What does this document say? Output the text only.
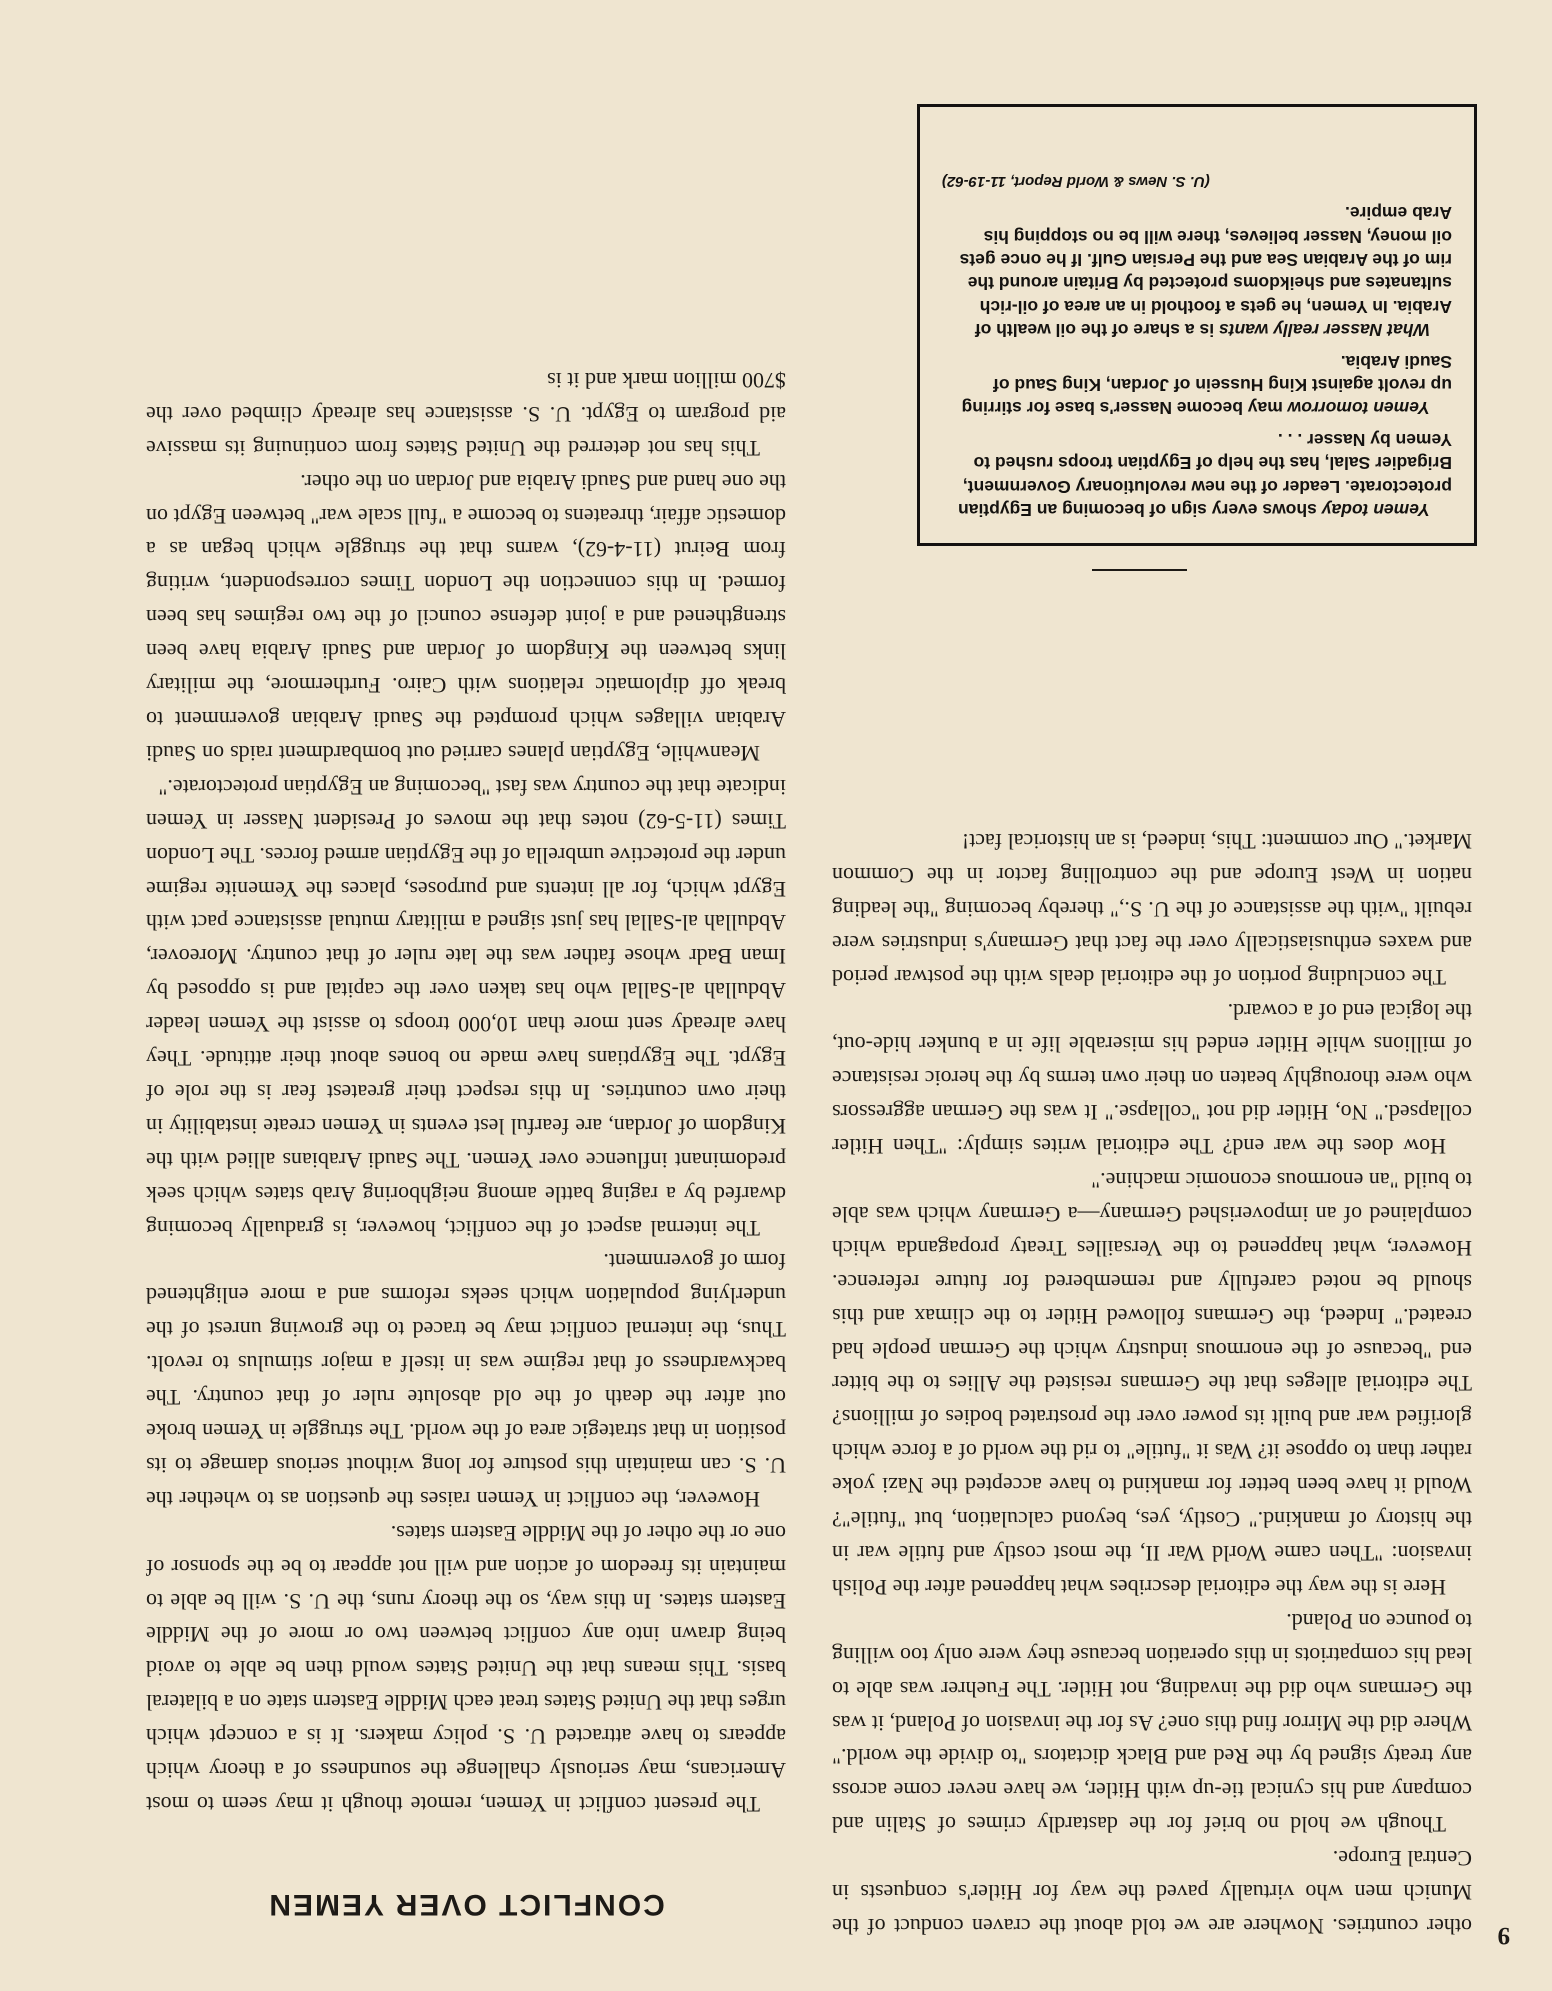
9

other countries. Nowhere are we told about the craven conduct of the Munich men who virtually paved the way for Hitler's conquests in Central Europe.

Though we hold no brief for the dastardly crimes of Stalin and company and his cynical tie-up with Hitler, we have never come across any treaty signed by the Red and Black dictators "to divide the world." Where did the Mirror find this one? As for the invasion of Poland, it was the Germans who did the invading, not Hitler. The Fuehrer was able to lead his compatriots in this operation because they were only too willing to pounce on Poland.

Here is the way the editorial describes what happened after the Polish invasion: "Then came World War II, the most costly and futile war in the history of mankind." Costly, yes, beyond calculation, but "futile"? Would it have been better for mankind to have accepted the Nazi yoke rather than to oppose it? Was it "futile" to rid the world of a force which glorified war and built its power over the prostrated bodies of millions? The editorial alleges that the Germans resisted the Allies to the bitter end "because of the enormous industry which the German people had created." Indeed, the Germans followed Hitler to the climax and this should be noted carefully and remembered for future reference. However, what happened to the Versailles Treaty propaganda which complained of an impoverished Germany—a Germany which was able to build "an enormous economic machine."

How does the war end? The editorial writes simply: "Then Hitler collapsed." No, Hitler did not "collapse." It was the German aggressors who were thoroughly beaten on their own terms by the heroic resistance of millions while Hitler ended his miserable life in a bunker hide-out, the logical end of a coward.

The concluding portion of the editorial deals with the postwar period and waxes enthusiastically over the fact that Germany's industries were rebuilt "with the assistance of the U. S.," thereby becoming "the leading nation in West Europe and the controlling factor in the Common Market." Our comment: This, indeed, is an historical fact!

Yemen today shows every sign of becoming an Egyptian protectorate. Leader of the new revolutionary Government, Brigadier Salal, has the help of Egyptian troops rushed to Yemen by Nasser . . .

Yemen tomorrow may become Nasser's base for stirring up revolt against King Hussein of Jordan, King Saud of Saudi Arabia.

What Nasser really wants is a share of the oil wealth of Arabia. In Yemen, he gets a foothold in an area of oil-rich sultanates and sheikdoms protected by Britain around the rim of the Arabian Sea and the Persian Gulf. If he once gets oil money, Nasser believes, there will be no stopping his Arab empire.

(U. S. News & World Report, 11-19-62)

CONFLICT OVER YEMEN

The present conflict in Yemen, remote though it may seem to most Americans, may seriously challenge the soundness of a theory which appears to have attracted U. S. policy makers. It is a concept which urges that the United States treat each Middle Eastern state on a bilateral basis. This means that the United States would then be able to avoid being drawn into any conflict between two or more of the Middle Eastern states. In this way, so the theory runs, the U. S. will be able to maintain its freedom of action and will not appear to be the sponsor of one or the other of the Middle Eastern states.

However, the conflict in Yemen raises the question as to whether the U. S. can maintain this posture for long without serious damage to its position in that strategic area of the world. The struggle in Yemen broke out after the death of the old absolute ruler of that country. The backwardness of that regime was in itself a major stimulus to revolt. Thus, the internal conflict may be traced to the growing unrest of the underlying population which seeks reforms and a more enlightened form of government.

The internal aspect of the conflict, however, is gradually becoming dwarfed by a raging battle among neighboring Arab states which seek predominant influence over Yemen. The Saudi Arabians allied with the Kingdom of Jordan, are fearful lest events in Yemen create instability in their own countries. In this respect their greatest fear is the role of Egypt. The Egyptians have made no bones about their attitude. They have already sent more than 10,000 troops to assist the Yemen leader Abdullah al-Sallal who has taken over the capital and is opposed by Iman Badr whose father was the late ruler of that country. Moreover, Abdullah al-Sallal has just signed a military mutual assistance pact with Egypt which, for all intents and purposes, places the Yemenite regime under the protective umbrella of the Egyptian armed forces. The London Times (11-5-62) notes that the moves of President Nasser in Yemen indicate that the country was fast "becoming an Egyptian protectorate."

Meanwhile, Egyptian planes carried out bombardment raids on Saudi Arabian villages which prompted the Saudi Arabian government to break off diplomatic relations with Cairo. Furthermore, the military links between the Kingdom of Jordan and Saudi Arabia have been strengthened and a joint defense council of the two regimes has been formed. In this connection the London Times correspondent, writing from Beirut (11-4-62), warns that the struggle which began as a domestic affair, threatens to become a "full scale war" between Egypt on the one hand and Saudi Arabia and Jordan on the other.

This has not deterred the United States from continuing its massive aid program to Egypt. U. S. assistance has already climbed over the $700 million mark and it is
